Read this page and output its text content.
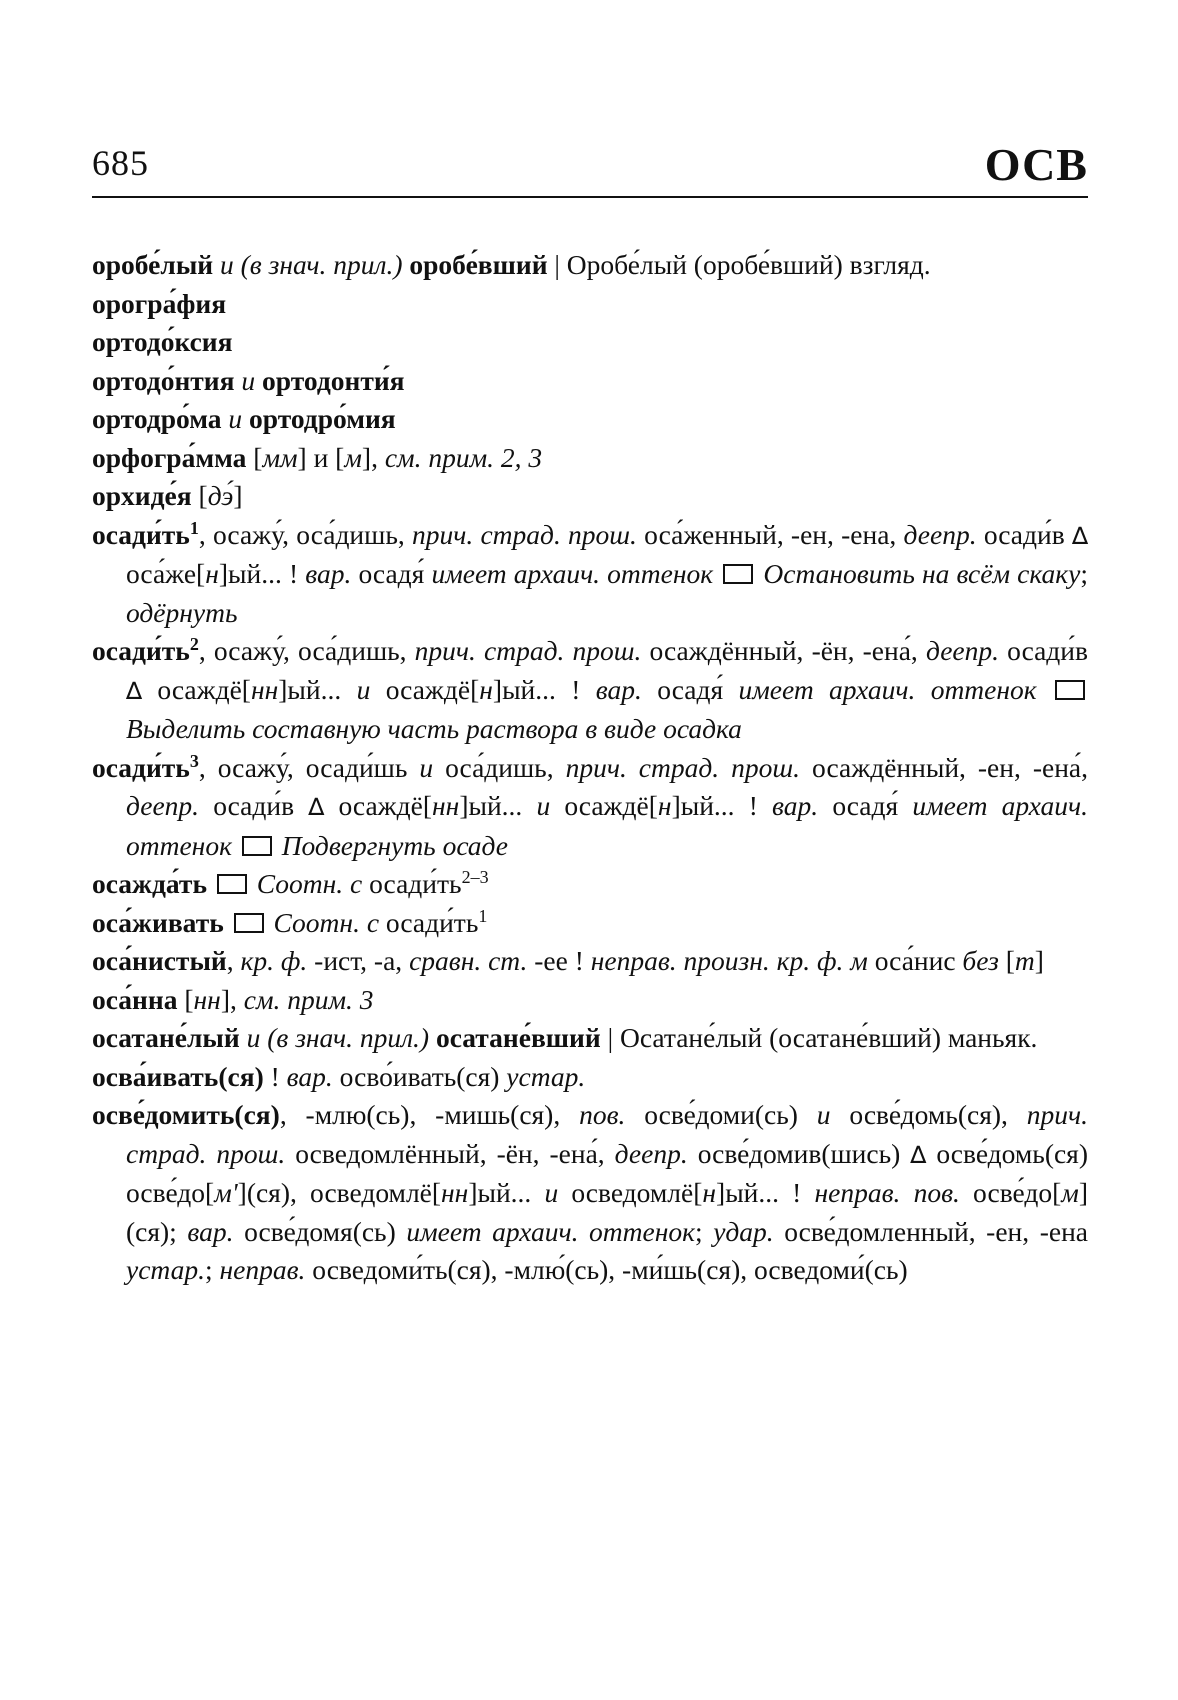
685	ОСВ

оробе́лый и (в знач. прил.) оробе́вший | Оробе́лый (оробе́вший) взгляд.

орогра́фия

ортодо́ксия

ортодо́нтия и ортодонти́я

ортодро́ма и ортодро́мия

орфогра́мма [мм] и [м], см. прим. 2, 3

орхиде́я [дэ́]

$осади́ть^1$, осажу́, оса́дишь, прич. страд. прош. оса́женный, -ен, -ена, деепр. осади́в ∆ оса́же[н]ый... ! вар. осадя́ имеет архаич. оттенок Остановить на всём скаку; одёрнуть

$осади́ть^2$, осажу́, оса́дишь, прич. страд. прош. осаждённый, -ён, -ена́, деепр. осади́в ∆ осаждё[нн]ый... и осаждё[н]ый... ! вар. осадя́ имеет архаич. оттенок  Выделить составную часть раствора в виде осадка

$осади́ть^3$, осажу́, осади́шь и оса́дишь, прич. страд. прош. осаждённый, -ен, -ена́, деепр. осади́в ∆ осаждё[нн]ый... и осаждё[н]ый... ! вар. осадя́ имеет архаич. оттенок Подвергнуть осаде

осажда́ть Соотн. с $осади́ть^{2-3}$

оса́живать Соотн. с $осади́ть^1$

оса́нистый, кр. ф. -ист, -а, сравн. ст. -ее ! неправ. произн. кр. ф. м оса́нис без [т]

оса́нна [нн], см. прим. 3

осатане́лый и (в знач. прил.) осатане́вший | Осатане́лый (осатане́вший) маньяк.

осва́ивать(ся) ! вар. осво́ивать(ся) устар.

осве́домить(ся), -млю(сь), -мишь(ся), пов. осве́доми(сь) и осве́домь(ся), прич. страд. прош. осведомлённый, -ён, -ена́, деепр. осве́домив(шись) ∆ осве́домь(ся) осве́до[м'](ся), осведомлё[нн]ый... и осведомлё[н]ый... ! неправ. пов. осве́до[м](ся); вар. осве́домя(сь) имеет архаич. оттенок; удар. осве́домленный, -ен, -ена устар.; неправ. осведоми́ть(ся), -млю́(сь), -ми́шь(ся), осведоми́(сь)
